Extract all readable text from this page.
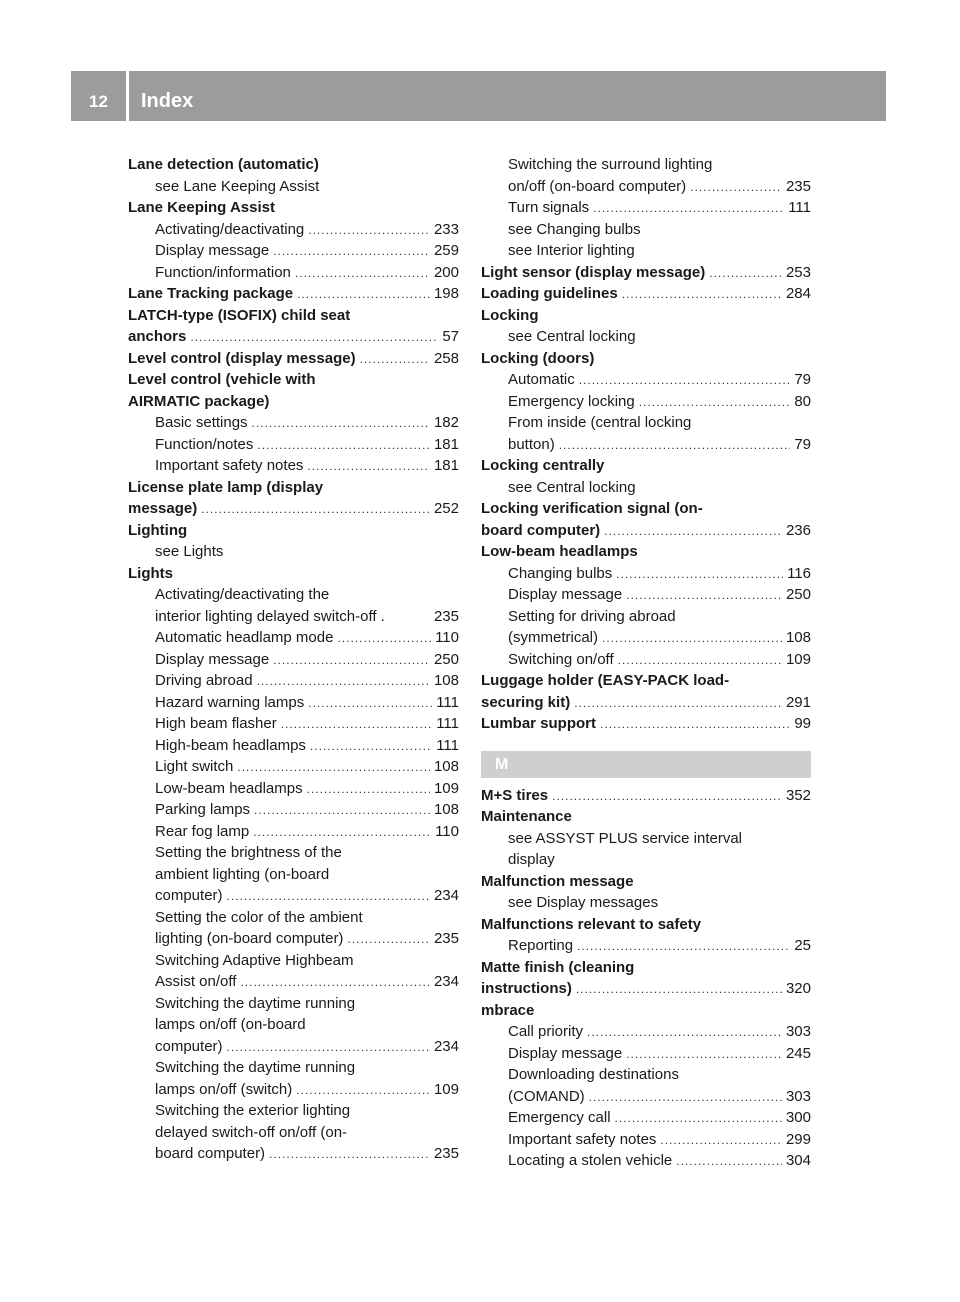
12	Index
Lane detection (automatic)
see Lane Keeping Assist
Lane Keeping Assist
Activating/deactivating .....	233
Display message .....	259
Function/information .....	200
Lane Tracking package .....	198
LATCH-type (ISOFIX) child seat
anchors .....	57
Level control (display message) .....	258
Level control (vehicle with
AIRMATIC package)
Basic settings .....	182
Function/notes .....	181
Important safety notes .....	181
License plate lamp (display
message) .....	252
Lighting
see Lights
Lights
Activating/deactivating the
interior lighting delayed switch-off .	235
Automatic headlamp mode .....	110
Display message .....	250
Driving abroad .....	108
Hazard warning lamps .....	111
High beam flasher .....	111
High-beam headlamps .....	111
Light switch .....	108
Low-beam headlamps .....	109
Parking lamps .....	108
Rear fog lamp .....	110
Setting the brightness of the
ambient lighting (on-board
computer) .....	234
Setting the color of the ambient
lighting (on-board computer) .....	235
Switching Adaptive Highbeam
Assist on/off .....	234
Switching the daytime running
lamps on/off (on-board
computer) .....	234
Switching the daytime running
lamps on/off (switch) .....	109
Switching the exterior lighting
delayed switch-off on/off (on-
board computer) .....	235
Switching the surround lighting
on/off (on-board computer) .....	235
Turn signals .....	111
see Changing bulbs
see Interior lighting
Light sensor (display message) .....	253
Loading guidelines .....	284
Locking
see Central locking
Locking (doors)
Automatic .....	79
Emergency locking .....	80
From inside (central locking
button) .....	79
Locking centrally
see Central locking
Locking verification signal (on-
board computer) .....	236
Low-beam headlamps
Changing bulbs .....	116
Display message .....	250
Setting for driving abroad
(symmetrical) .....	108
Switching on/off .....	109
Luggage holder (EASY-PACK load-
securing kit) .....	291
Lumbar support .....	99
M
M+S tires .....	352
Maintenance
see ASSYST PLUS service interval
display
Malfunction message
see Display messages
Malfunctions relevant to safety
Reporting .....	25
Matte finish (cleaning
instructions) .....	320
mbrace
Call priority .....	303
Display message .....	245
Downloading destinations
(COMAND) .....	303
Emergency call .....	300
Important safety notes .....	299
Locating a stolen vehicle .....	304
